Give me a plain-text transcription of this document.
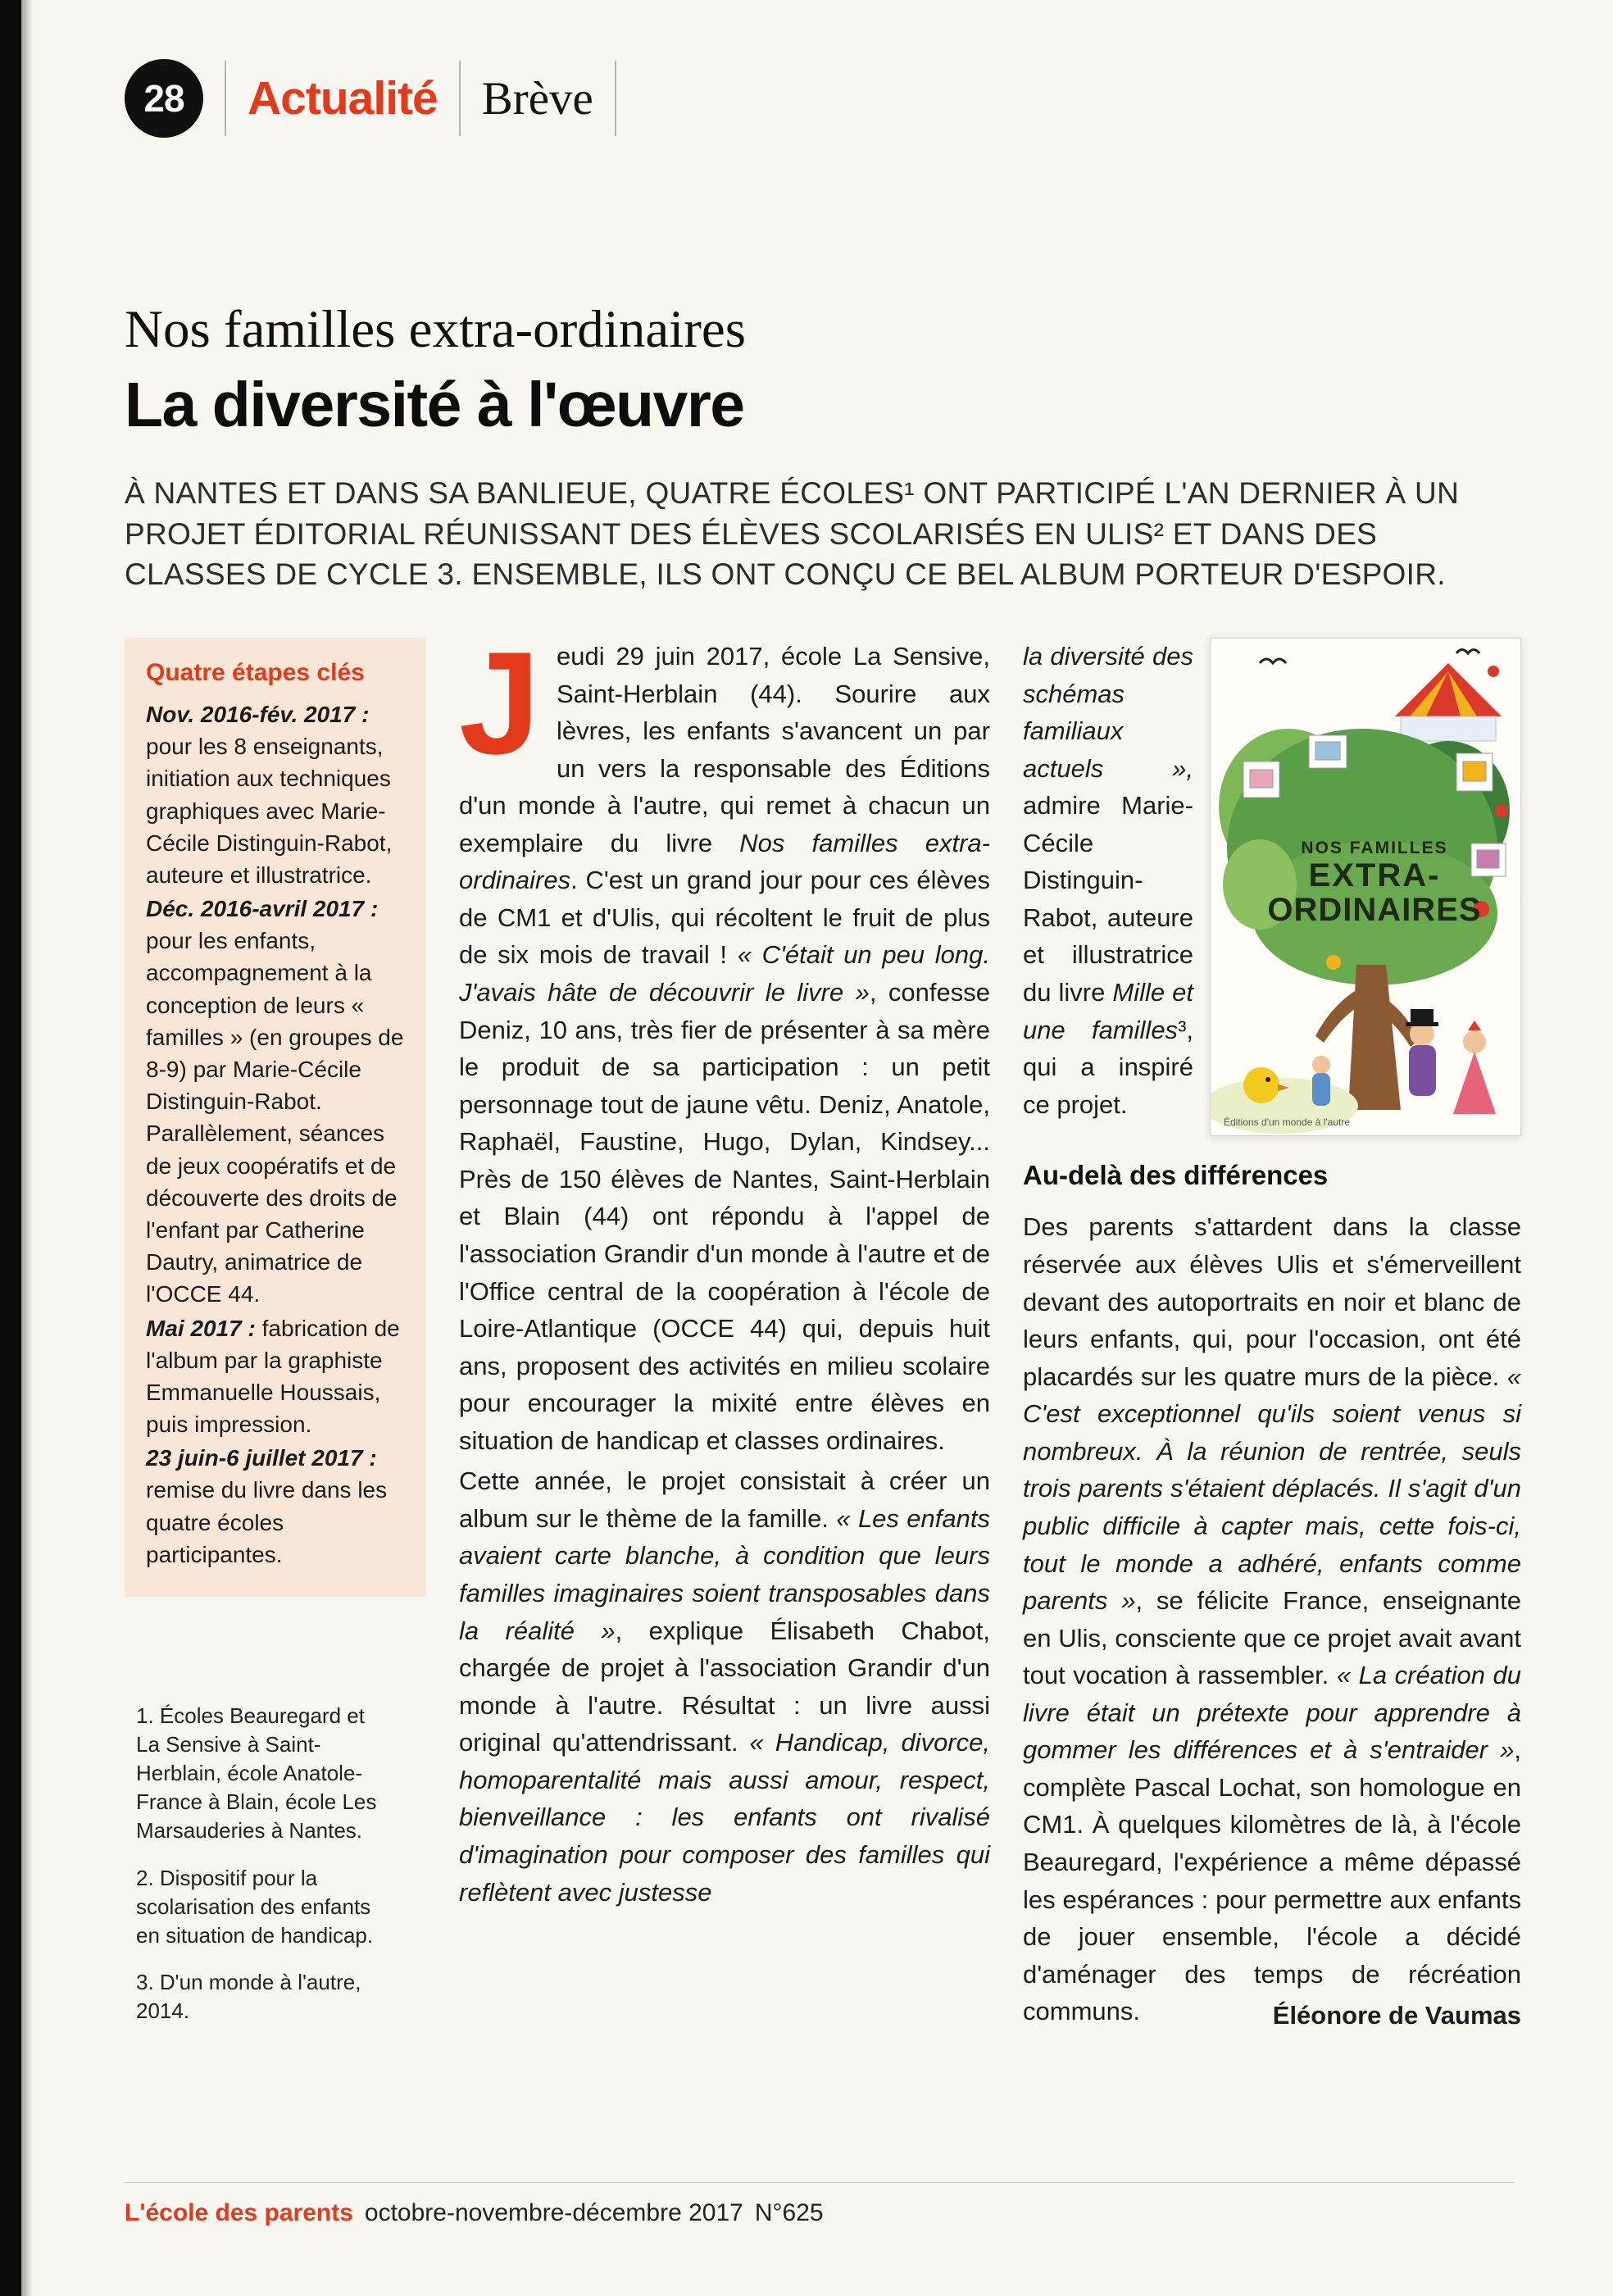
28 Actualité Brève
Nos familles extra-ordinaires
La diversité à l'œuvre
À NANTES ET DANS SA BANLIEUE, QUATRE ÉCOLES¹ ONT PARTICIPÉ L'AN DERNIER À UN PROJET ÉDITORIAL RÉUNISSANT DES ÉLÈVES SCOLARISÉS EN ULIS² ET DANS DES CLASSES DE CYCLE 3. ENSEMBLE, ILS ONT CONÇU CE BEL ALBUM PORTEUR D'ESPOIR.

Quatre étapes clés

Nov. 2016-fév. 2017 : pour les 8 enseignants, initiation aux techniques graphiques avec Marie-Cécile Distinguin-Rabot, auteure et illustratrice.

Déc. 2016-avril 2017 : pour les enfants, accompagnement à la conception de leurs « familles » (en groupes de 8-9) par Marie-Cécile Distinguin-Rabot. Parallèlement, séances de jeux coopératifs et de découverte des droits de l'enfant par Catherine Dautry, animatrice de l'OCCE 44.

Mai 2017 : fabrication de l'album par la graphiste Emmanuelle Houssais, puis impression.

23 juin-6 juillet 2017 : remise du livre dans les quatre écoles participantes.

1. Écoles Beauregard et La Sensive à Saint-Herblain, école Anatole-France à Blain, école Les Marsauderies à Nantes.

2. Dispositif pour la scolarisation des enfants en situation de handicap.

3. D'un monde à l'autre, 2014.

Jeudi 29 juin 2017, école La Sensive, Saint-Herblain (44). Sourire aux lèvres, les enfants s'avancent un par un vers la responsable des Éditions d'un monde à l'autre, qui remet à chacun un exemplaire du livre Nos familles extra-ordinaires. C'est un grand jour pour ces élèves de CM1 et d'Ulis, qui récoltent le fruit de plus de six mois de travail ! « C'était un peu long. J'avais hâte de découvrir le livre », confesse Deniz, 10 ans, très fier de présenter à sa mère le produit de sa participation : un petit personnage tout de jaune vêtu. Deniz, Anatole, Raphaël, Faustine, Hugo, Dylan, Kindsey... Près de 150 élèves de Nantes, Saint-Herblain et Blain (44) ont répondu à l'appel de l'association Grandir d'un monde à l'autre et de l'Office central de la coopération à l'école de Loire-Atlantique (OCCE 44) qui, depuis huit ans, proposent des activités en milieu scolaire pour encourager la mixité entre élèves en situation de handicap et classes ordinaires.

Cette année, le projet consistait à créer un album sur le thème de la famille. « Les enfants avaient carte blanche, à condition que leurs familles imaginaires soient transposables dans la réalité », explique Élisabeth Chabot, chargée de projet à l'association Grandir d'un monde à l'autre. Résultat : un livre aussi original qu'attendrissant. « Handicap, divorce, homoparentalité mais aussi amour, respect, bienveillance : les enfants ont rivalisé d'imagination pour composer des familles qui reflètent avec justesse

NOS FAMILLES
EXTRA-
ORDINAIRES
Éditions d'un monde à l'autre

la diversité des schémas familiaux actuels », admire Marie-Cécile Distinguin-Rabot, auteure et illustratrice du livre Mille et une familles³, qui a inspiré ce projet.

Au-delà des différences

Des parents s'attardent dans la classe réservée aux élèves Ulis et s'émerveillent devant des autoportraits en noir et blanc de leurs enfants, qui, pour l'occasion, ont été placardés sur les quatre murs de la pièce. « C'est exceptionnel qu'ils soient venus si nombreux. À la réunion de rentrée, seuls trois parents s'étaient déplacés. Il s'agit d'un public difficile à capter mais, cette fois-ci, tout le monde a adhéré, enfants comme parents », se félicite France, enseignante en Ulis, consciente que ce projet avait avant tout vocation à rassembler. « La création du livre était un prétexte pour apprendre à gommer les différences et à s'entraider », complète Pascal Lochat, son homologue en CM1. À quelques kilomètres de là, à l'école Beauregard, l'expérience a même dépassé les espérances : pour permettre aux enfants de jouer ensemble, l'école a décidé d'aménager des temps de récréation communs.	Éléonore de Vaumas
L'école des parents octobre-novembre-décembre 2017 N°625
